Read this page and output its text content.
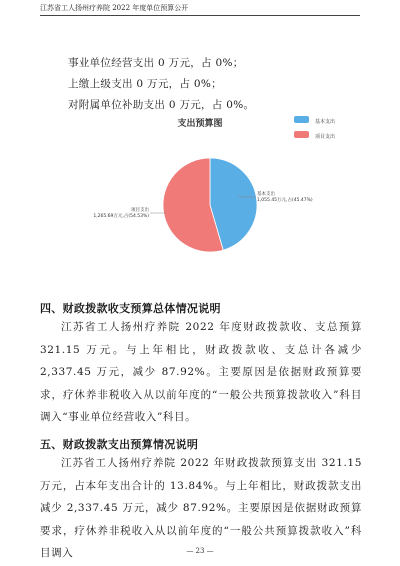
江苏省工人扬州疗养院 2022 年度单位预算公开
事业单位经营支出 0 万元，占 0%；
上缴上级支出 0 万元，占 0%；
对附属单位补助支出 0 万元，占 0%。
支出预算图	基本支出
项目支出
基本支出
1,055.45万元,占(45.47%)
项目支出
1,265.69万元,占(54.53%)
四、财政拨款收支预算总体情况说明

江苏省工人扬州疗养院 2022 年度财政拨款收、支总预算 321.15 万元。与上年相比，财政拨款收、支总计各减少 2,337.45 万元，减少 87.92%。主要原因是依据财政预算要求，疗休养非税收入从以前年度的“一般公共预算拨款收入”科目调入“事业单位经营收入”科目。

五、财政拨款支出预算情况说明

江苏省工人扬州疗养院 2022 年财政拨款预算支出 321.15 万元，占本年支出合计的 13.84%。与上年相比，财政拨款支出减少 2,337.45 万元，减少 87.92%。主要原因是依据财政预算要求，疗休养非税收入从以前年度的“一般公共预算拨款收入”科目调入	— 23 —
